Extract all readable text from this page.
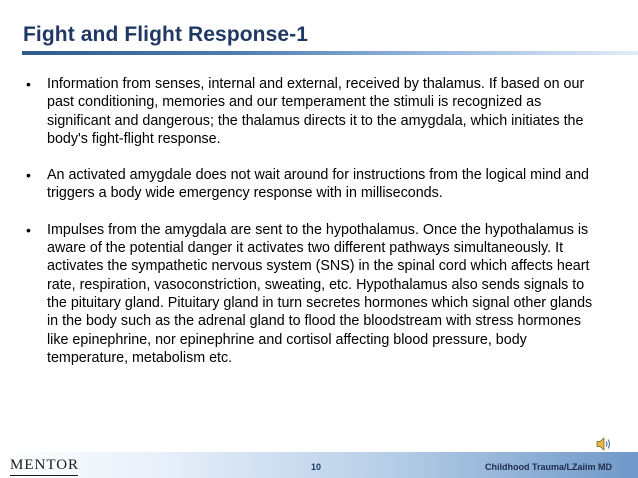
Fight and Flight Response-1
• Information from senses, internal and external, received by thalamus. If based on our past conditioning, memories and our temperament the stimuli is recognized as significant and dangerous; the thalamus directs it to the amygdala, which initiates the body's fight-flight response.
• An activated amygdale does not wait around for instructions from the logical mind and triggers a body wide emergency response with in milliseconds.
• Impulses from the amygdala are sent to the hypothalamus. Once the hypothalamus is aware of the potential danger it activates two different pathways simultaneously. It activates the sympathetic nervous system (SNS) in the spinal cord which affects heart rate, respiration, vasoconstriction, sweating, etc. Hypothalamus also sends signals to the pituitary gland. Pituitary gland in turn secretes hormones which signal other glands in the body such as the adrenal gland to flood the bloodstream with stress hormones like epinephrine, nor epinephrine and cortisol affecting blood pressure, body temperature, metabolism etc.
MENTOR	10	Childhood Trauma/LZaiim MD
